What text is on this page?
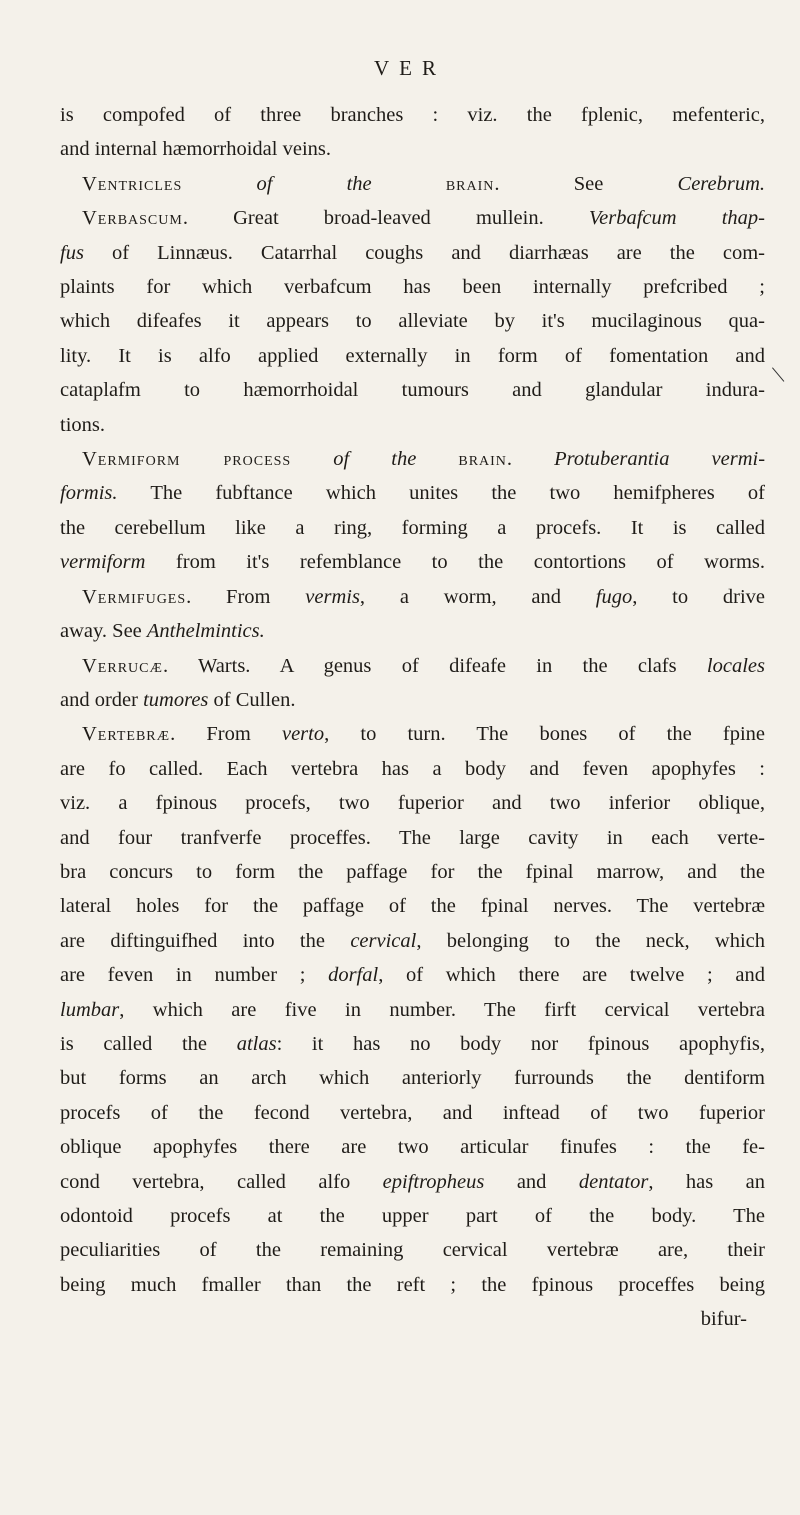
VER
is compofed of three branches : viz. the fplenic, mefenteric,
and internal hæmorrhoidal veins.
Ventricles	of the	brain. See Cerebrum.
Verbascum. Great broad-leaved mullein. Verbafcum thap-
fus of Linnæus. Catarrhal coughs and diarrhæas are the com-
plaints for which verbafcum has been internally prefcribed ;
which difeafes it appears to alleviate by it's mucilaginous qua-
lity. It is alfo applied externally in form of fomentation and
cataplafm to hæmorrhoidal tumours and glandular indura-
tions.
Vermiform process of the brain. Protuberantia vermi-
formis. The fubftance which unites the two hemifpheres of
the cerebellum like a ring, forming a procefs. It is called
vermiform from it's refemblance to the contortions of worms.
Vermifuges. From vermis, a worm, and fugo, to drive
away. See Anthelmintics.
Verrucæ. Warts. A genus of difeafe in the clafs locales
and order tumores of Cullen.
Vertebræ. From verto, to turn. The bones of the fpine
are fo called. Each vertebra has a body and feven apophyfes :
viz. a fpinous procefs, two fuperior and two inferior oblique,
and four tranfverfe proceffes. The large cavity in each verte-
bra concurs to form the paffage for the fpinal marrow, and the
lateral holes for the paffage of the fpinal nerves. The vertebræ
are diftinguifhed into the cervical, belonging to the neck, which
are feven in number ; dorfal, of which there are twelve ; and
lumbar, which are five in number. The firft cervical vertebra
is called the atlas: it has no body nor fpinous apophyfis,
but forms an arch which anteriorly furrounds the dentiform
procefs of the fecond vertebra, and inftead of two fuperior
oblique apophyfes there are two articular finufes : the fe-
cond vertebra, called alfo epiftropheus and dentator, has an
odontoid procefs at the upper part of the body. The
peculiarities of the remaining cervical vertebræ are, their
being much fmaller than the reft ; the fpinous proceffes being
bifur-
